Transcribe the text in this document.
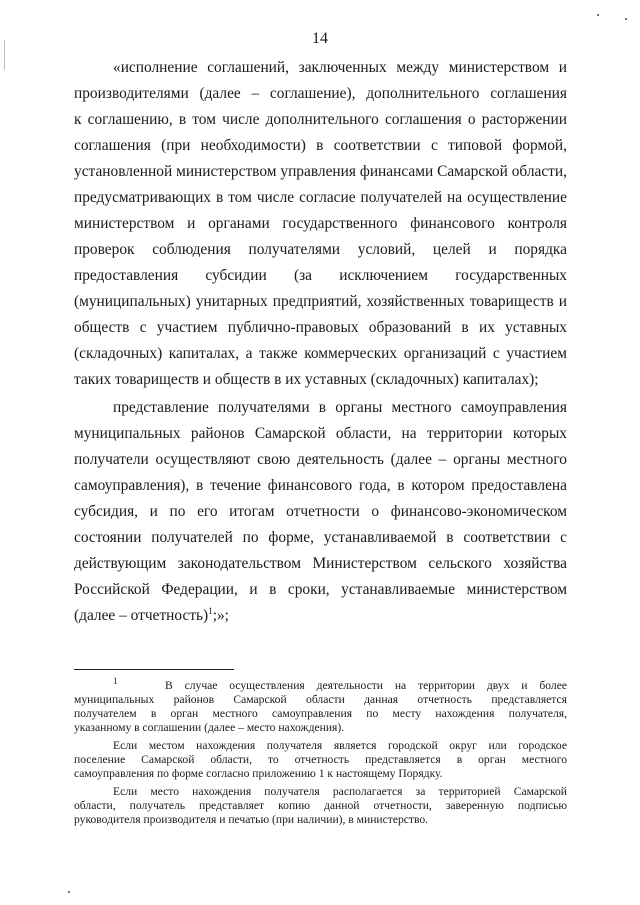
14
«исполнение соглашений, заключенных между министерством и
производителями (далее – соглашение), дополнительного соглашения
к соглашению, в том числе дополнительного соглашения о расторжении
соглашения (при необходимости) в соответствии с типовой формой,
установленной министерством управления финансами Самарской области,
предусматривающих в том числе согласие получателей на осуществление
министерством и органами государственного финансового контроля
проверок соблюдения получателями условий, целей и порядка
предоставления субсидии (за исключением государственных
(муниципальных) унитарных предприятий, хозяйственных товариществ и
обществ с участием публично-правовых образований в их уставных
(складочных) капиталах, а также коммерческих организаций с участием
таких товариществ и обществ в их уставных (складочных) капиталах);
представление получателями в органы местного самоуправления
муниципальных районов Самарской области, на территории которых
получатели осуществляют свою деятельность (далее – органы местного
самоуправления), в течение финансового года, в котором предоставлена
субсидия, и по его итогам отчетности о финансово-экономическом
состоянии получателей по форме, устанавливаемой в соответствии с
действующим законодательством Министерством сельского хозяйства
Российской Федерации, и в сроки, устанавливаемые министерством
(далее – отчетность)$^1$;»;
$^1$	В случае осуществления деятельности на территории двух и более
муниципальных районов Самарской области данная отчетность представляется
получателем в орган местного самоуправления по месту нахождения получателя,
указанному в соглашении (далее – место нахождения).
Если местом нахождения получателя является городской округ или городское
поселение Самарской области, то отчетность представляется в орган местного
самоуправления по форме согласно приложению 1 к настоящему Порядку.
Если место нахождения получателя располагается за территорией Самарской
области, получатель представляет копию данной отчетности, заверенную подписью
руководителя производителя и печатью (при наличии), в министерство.
